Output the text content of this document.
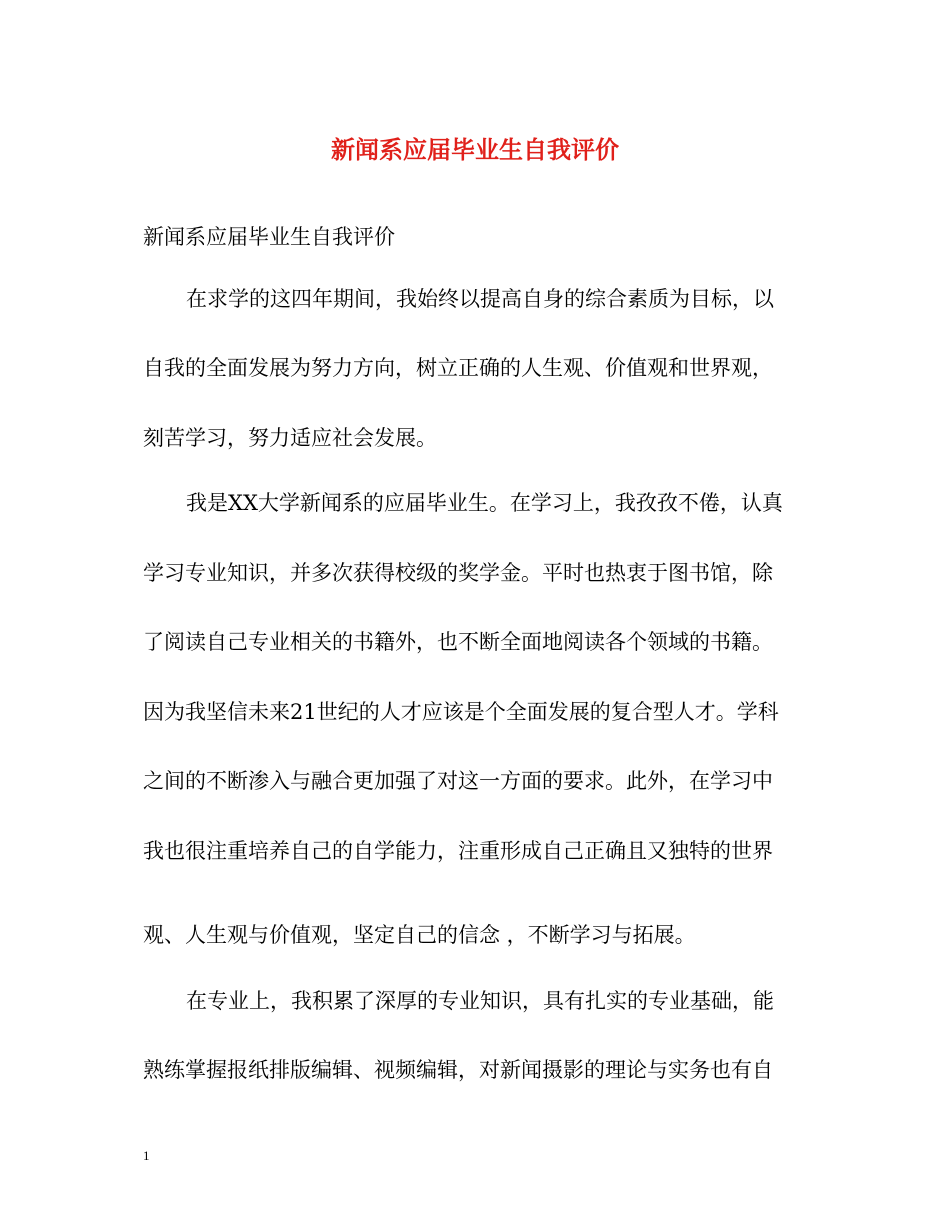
新闻系应届毕业生自我评价
新闻系应届毕业生自我评价
在求学的这四年期间，我始终以提高自身的综合素质为目标，以
自我的全面发展为努力方向，树立正确的人生观、价值观和世界观，
刻苦学习，努力适应社会发展。
我是XX大学新闻系的应届毕业生。在学习上，我孜孜不倦，认真
学习专业知识，并多次获得校级的奖学金。平时也热衷于图书馆，除
了阅读自己专业相关的书籍外，也不断全面地阅读各个领域的书籍。
因为我坚信未来21世纪的人才应该是个全面发展的复合型人才。学科
之间的不断渗入与融合更加强了对这一方面的要求。此外，在学习中
我也很注重培养自己的自学能力，注重形成自己正确且又独特的世界
观、人生观与价值观，坚定自己的信念 ，不断学习与拓展。
在专业上，我积累了深厚的专业知识，具有扎实的专业基础，能
熟练掌握报纸排版编辑、视频编辑，对新闻摄影的理论与实务也有自
1
